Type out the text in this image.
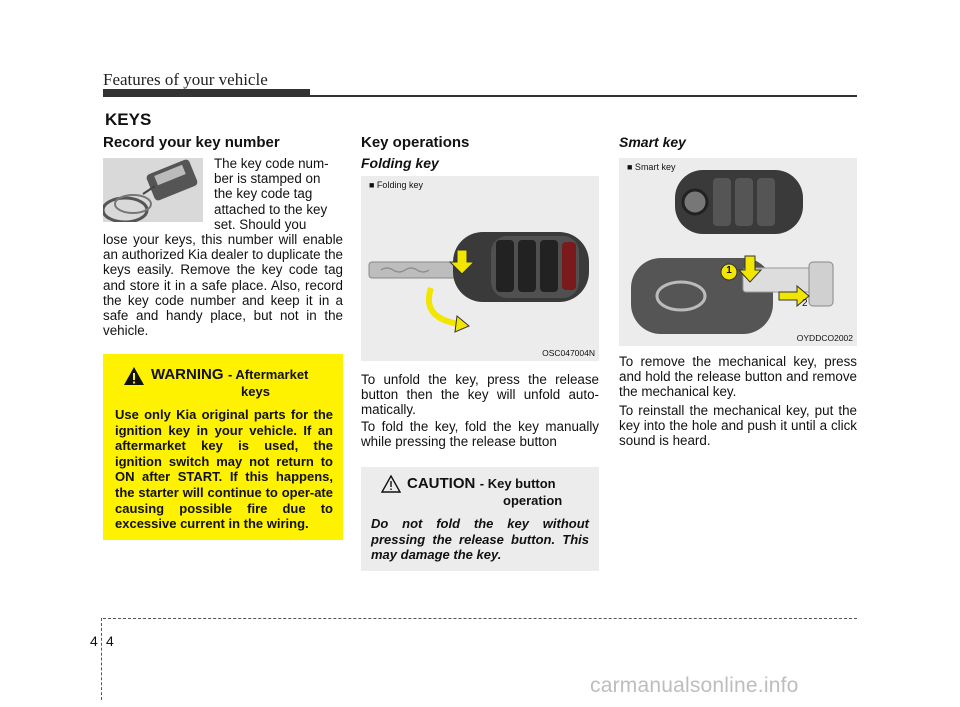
Features of your vehicle
KEYS
Record your key number
The key code num-
ber is stamped on
the key code tag
attached to the key
set. Should you
lose your keys, this number will enable an authorized Kia dealer to duplicate the keys easily. Remove the key code tag and store it in a safe place. Also, record the key code number and keep it in a safe and handy place, but not in the vehicle.
WARNING - Aftermarket
keys
Use only Kia original parts for the ignition key in your vehicle. If an aftermarket key is used, the ignition switch may not return to ON after START. If this happens, the starter will continue to oper-ate causing possible fire due to excessive current in the wiring.
Key operations
Folding key
■ Folding key
OSC047004N
To unfold the key, press the release button then the key will unfold auto-matically.
To fold the key, fold the key manually while pressing the release button
CAUTION - Key button
operation
Do not fold the key without pressing the release button. This may damage the key.
Smart key
■ Smart key
1
2
OYDDCO2002
To remove the mechanical key, press and hold the release button and remove the mechanical key.
To reinstall the mechanical key, put the key into the hole and push it until a click sound is heard.
4 4
carmanualsonline.info
